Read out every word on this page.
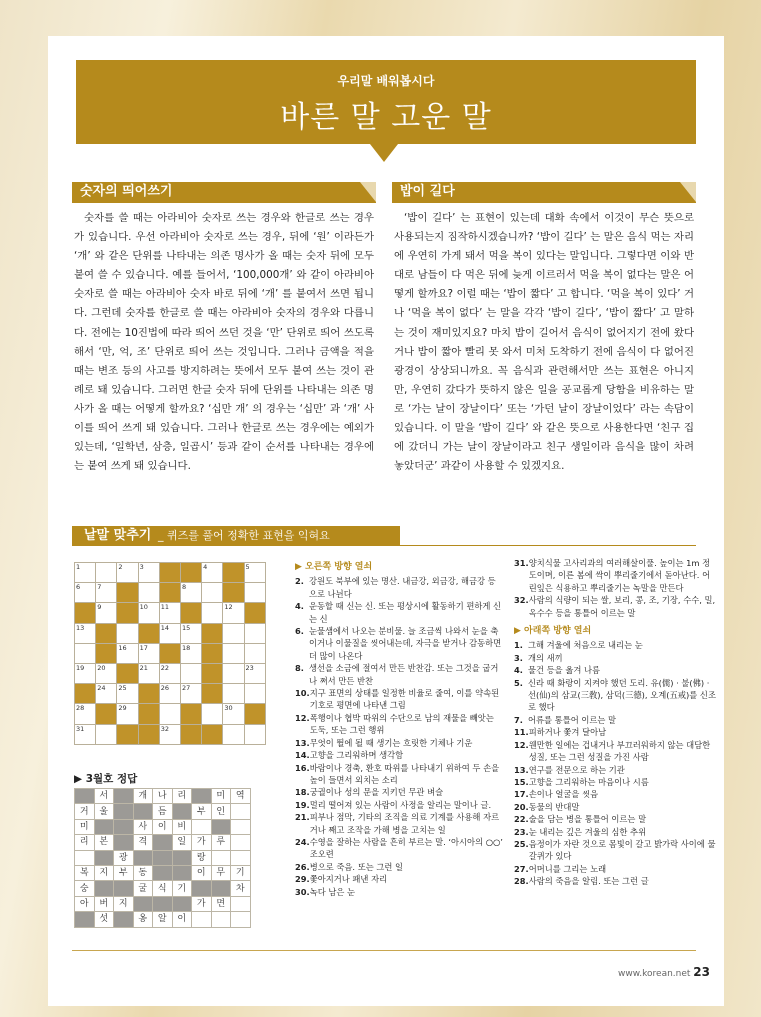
우리말 배워봅시다
바른 말 고운 말
숫자의 띄어쓰기

숫자를 쓸 때는 아라비아 숫자로 쓰는 경우와 한글로 쓰는 경우가 있습니다. 우선 아라비아 숫자로 쓰는 경우, 뒤에 ‘원’ 이라든가 ‘개’ 와 같은 단위를 나타내는 의존 명사가 올 때는 숫자 뒤에 모두 붙여 쓸 수 있습니다. 예를 들어서, ‘100,000개’ 와 같이 아라비아 숫자로 쓸 때는 아라비아 숫자 바로 뒤에 ‘개’ 를 붙여서 쓰면 됩니다. 그런데 숫자를 한글로 쓸 때는 아라비아 숫자의 경우와 다릅니다. 전에는 10진법에 따라 띄어 쓰던 것을 ‘만’ 단위로 띄어 쓰도록 해서 ‘만, 억, 조’ 단위로 띄어 쓰는 것입니다. 그러나 금액을 적을 때는 변조 등의 사고를 방지하려는 뜻에서 모두 붙여 쓰는 것이 관례로 돼 있습니다. 그러면 한글 숫자 뒤에 단위를 나타내는 의존 명사가 올 때는 어떻게 할까요? ‘십만 개’ 의 경우는 ‘십만’ 과 ‘개’ 사이를 띄어 쓰게 돼 있습니다. 그러나 한글로 쓰는 경우에는 예외가 있는데, ‘일학년, 삼층, 일곱시’ 등과 같이 순서를 나타내는 경우에는 붙여 쓰게 돼 있습니다.

밥이 길다

‘밥이 길다’ 는 표현이 있는데 대화 속에서 이것이 무슨 뜻으로 사용되는지 짐작하시겠습니까? ‘밥이 길다’ 는 말은 음식 먹는 자리에 우연히 가게 돼서 먹을 복이 있다는 말입니다. 그렇다면 이와 반대로 남들이 다 먹은 뒤에 늦게 이르러서 먹을 복이 없다는 말은 어떻게 할까요? 이럴 때는 ‘밥이 짧다’ 고 합니다. ‘먹을 복이 있다’ 거나 ‘먹을 복이 없다’ 는 말을 각각 ‘밥이 길다’, ‘밥이 짧다’ 고 말하는 것이 재미있지요? 마치 밥이 길어서 음식이 없어지기 전에 왔다거나 밥이 짧아 빨리 못 와서 미처 도착하기 전에 음식이 다 없어진 광경이 상상되니까요. 꼭 음식과 관련해서만 쓰는 표현은 아니지만, 우연히 갔다가 뜻하지 않은 일을 공교롭게 당함을 비유하는 말로 ‘가는 날이 장날이다’ 또는 ‘가던 날이 장날이었다’ 라는 속담이 있습니다. 이 말을 ‘밥이 길다’ 와 같은 뜻으로 사용한다면 ‘친구 집에 갔더니 가는 날이 장날이라고 친구 생일이라 음식을 많이 차려 놓았더군’ 과같이 사용할 수 있겠지요.

낱말 맞추기 _ 퀴즈를 풀어 정확한 표현을 익혀요
1		2	3			4		5

6	7				8			

	9		10	11			12	

13				14	15			

		16	17		18			

19	20		21	22				23

	24	25		26	27			

28		29					30	

31				32				

▶ 3월호 정답
	서		개	나	리		미	역
거	울			듬		부	인	
미			사	이	비			
리	본		격		일	가	루	
		광				랑		
복	지	부	동			이	무	기
숭			굴	식	기			차
아	버	지				가	면	
	섯		옹	알	이			
▶ 오른쪽 방향 열쇠
2. 강원도 북부에 있는 명산. 내금강, 외금강, 해금강 등으로 나뉜다
4. 운동할 때 신는 신. 또는 평상시에 활동하기 편하게 신는 신
6. 눈물샘에서 나오는 분비물. 늘 조금씩 나와서 눈을 축이거나 이물질을 씻어내는데, 자극을 받거나 감동하면 더 많이 나온다
8. 생선을 소금에 절여서 만든 반찬감. 또는 그것을 굽거나 쪄서 만든 반찬
10. 지구 표면의 상태를 일정한 비율로 줄여, 이를 약속된 기호로 평면에 나타낸 그림
12. 폭행이나 협박 따위의 수단으로 남의 재물을 빼앗는 도둑, 또는 그런 행위
13. 무엇이 뛸에 될 때 생기는 흐릿한 기체나 기운
14. 고향을 그리워하며 생각함
16. 바람이나 경축, 환호 따위를 나타내기 위하여 두 손을 높이 들면서 외치는 소리
18. 궁궐이나 성의 문을 지키던 무관 벼슬
19. 멀리 떨어져 있는 사람이 사정을 알리는 말이나 글.
21. 피부나 점막, 기타의 조직을 의료 기계를 사용해 자르거나 째고 조작을 가해 병을 고치는 일
24. 수영을 잘하는 사람을 흔히 부르는 말. ‘아시아의 ○○’ 조오련
26. 병으로 죽음. 또는 그런 일
29. 쫓아지거나 패낸 자리
30. 녹다 남은 눈
31. 양치식물 고사리과의 여러해살이풀. 높이는 1m 정도이며, 이른 봄에 싹이 뿌리줄기에서 돋아난다. 어린잎은 식용하고 뿌리줄기는 녹말을 만든다
32. 사람의 식량이 되는 쌀, 보리, 콩, 조, 기장, 수수, 밀, 옥수수 등을 통틀어 이르는 말
▶ 아래쪽 방향 열쇠
1. 그해 겨울에 처음으로 내리는 눈
3. 개의 새끼
4. 물건 등을 옮겨 나름
5. 신라 때 화랑이 지켜야 했던 도리. 유(儒) · 불(佛) · 선(仙)의 삼교(三敎), 삼덕(三德), 오계(五戒)를 신조로 했다
7. 어류를 통틀어 이르는 말
11. 피하거나 쫓겨 달아남
12. 웬만한 일에는 겁내거나 부끄러워하지 않는 대담한 성질, 또는 그런 성질을 가진 사람
13. 연구를 전문으로 하는 기관
15. 고향을 그리워하는 마음이나 시름
17. 손이나 얼굴을 씻음
20. 동물의 반대말
22. 술을 담는 병을 통틀어 이르는 말
23. 눈 내리는 깊은 겨울의 심한 추위
25. 음정이가 자란 것으로 몸빛이 갈고 밝가락 사이에 물갈퀴가 있다
27. 어머니를 그리는 노래
28. 사람의 죽음을 알림. 또는 그런 글
www.korean.net 23
